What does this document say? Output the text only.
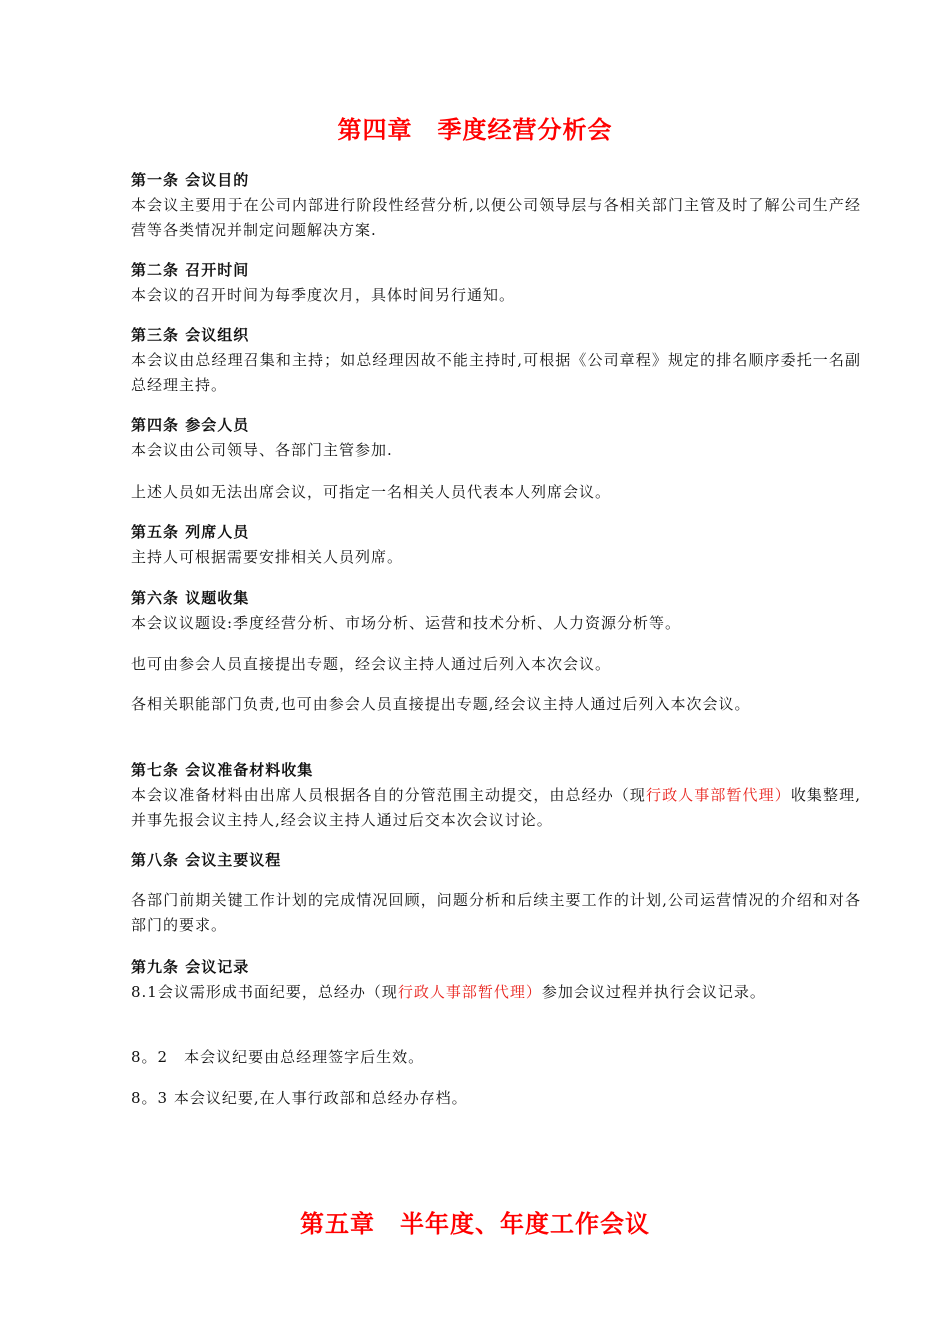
第四章　季度经营分析会
第一条 会议目的
本会议主要用于在公司内部进行阶段性经营分析,以便公司领导层与各相关部门主管及时了解公司生产经营等各类情况并制定问题解决方案.
第二条 召开时间
本会议的召开时间为每季度次月，具体时间另行通知。
第三条 会议组织
本会议由总经理召集和主持；如总经理因故不能主持时,可根据《公司章程》规定的排名顺序委托一名副总经理主持。
第四条 参会人员
本会议由公司领导、各部门主管参加.
上述人员如无法出席会议，可指定一名相关人员代表本人列席会议。
第五条 列席人员
主持人可根据需要安排相关人员列席。
第六条 议题收集
本会议议题设:季度经营分析、市场分析、运营和技术分析、人力资源分析等。
也可由参会人员直接提出专题，经会议主持人通过后列入本次会议。
各相关职能部门负责,也可由参会人员直接提出专题,经会议主持人通过后列入本次会议。
第七条 会议准备材料收集
本会议准备材料由出席人员根据各自的分管范围主动提交，由总经办（现行政人事部暂代理）收集整理,并事先报会议主持人,经会议主持人通过后交本次会议讨论。
第八条 会议主要议程
各部门前期关键工作计划的完成情况回顾，问题分析和后续主要工作的计划,公司运营情况的介绍和对各部门的要求。
第九条 会议记录
8.1会议需形成书面纪要，总经办（现行政人事部暂代理）参加会议过程并执行会议记录。
8。2　本会议纪要由总经理签字后生效。
8。3 本会议纪要,在人事行政部和总经办存档。
第五章　半年度、年度工作会议
